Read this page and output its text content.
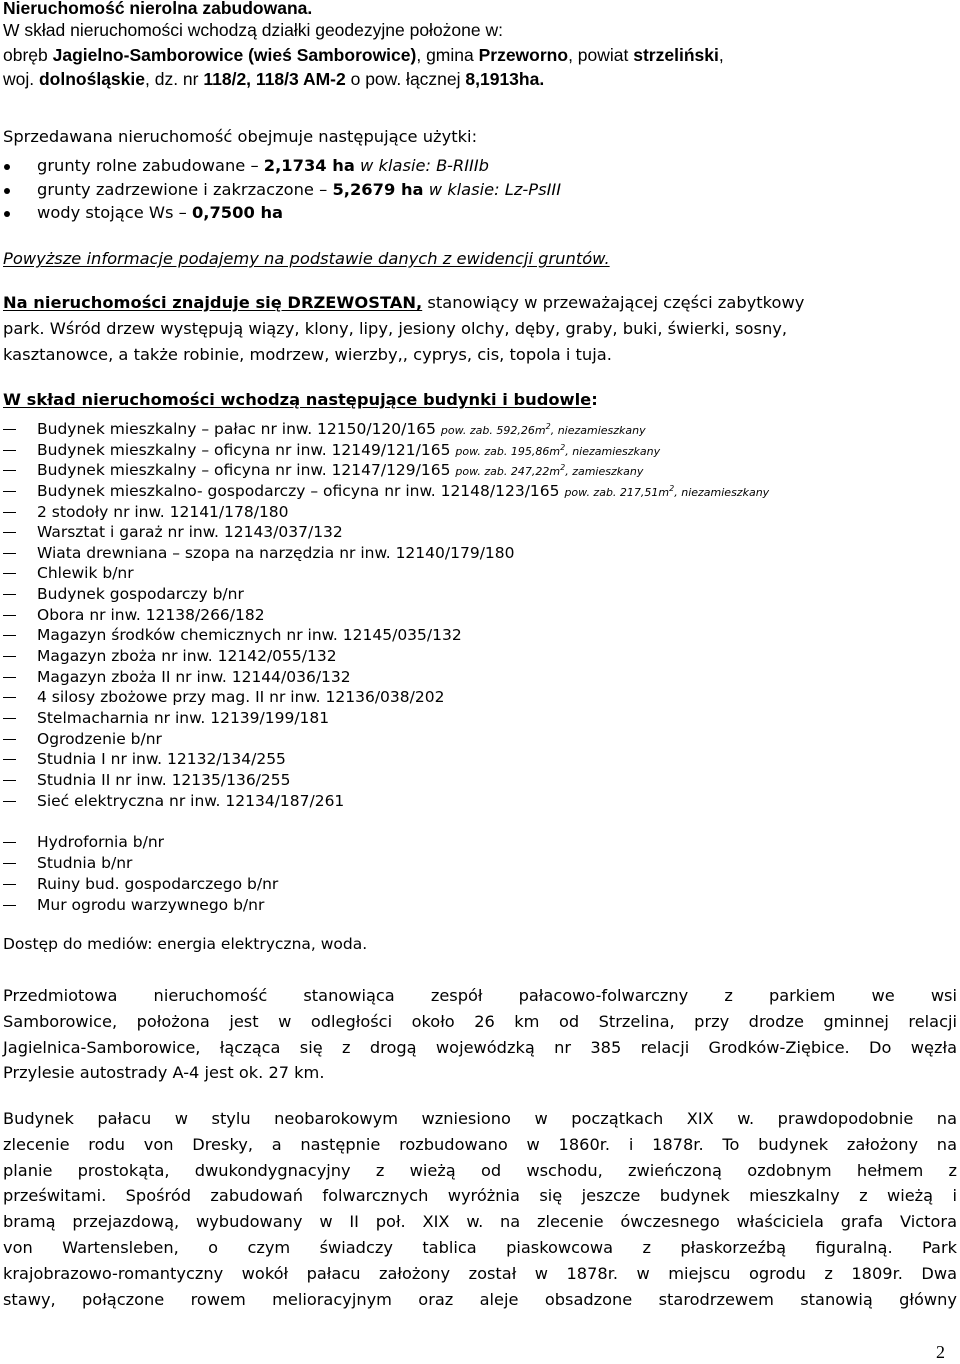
Nieruchomość nierolna zabudowana.
W skład nieruchomości wchodzą działki geodezyjne położone w:
obręb Jagielno-Samborowice (wieś Samborowice), gmina Przeworno, powiat strzeliński,
woj. dolnośląskie, dz. nr 118/2, 118/3 AM-2 o pow. łącznej 8,1913ha.
Sprzedawana nieruchomość obejmuje następujące użytki:
grunty rolne zabudowane – 2,1734 ha w klasie: B-RIIIb
grunty zadrzewione i zakrzaczone – 5,2679 ha w klasie: Lz-PsIII
wody stojące Ws – 0,7500 ha
Powyższe informacje podajemy na podstawie danych z ewidencji gruntów.
Na nieruchomości znajduje się DRZEWOSTAN, stanowiący w przeważającej części zabytkowy
park. Wśród drzew występują wiązy, klony, lipy, jesiony olchy, dęby, graby, buki, świerki, sosny,
kasztanowce, a także robinie, modrzew, wierzby,, cyprys, cis, topola i tuja.
W skład nieruchomości wchodzą następujące budynki i budowle:
Budynek mieszkalny – pałac nr inw. 12150/120/165 pow. zab. $592,26m^2$, niezamieszkany
Budynek mieszkalny – oficyna nr inw. 12149/121/165 pow. zab. $195,86m^2$, niezamieszkany
Budynek mieszkalny – oficyna nr inw. 12147/129/165 pow. zab. $247,22m^2$, zamieszkany
Budynek mieszkalno- gospodarczy – oficyna nr inw. 12148/123/165 pow. zab. $217,51m^2$, niezamieszkany
2 stodoły nr inw. 12141/178/180
Warsztat i garaż nr inw. 12143/037/132
Wiata drewniana – szopa na narzędzia nr inw. 12140/179/180
Chlewik b/nr
Budynek gospodarczy b/nr
Obora nr inw. 12138/266/182
Magazyn środków chemicznych nr inw. 12145/035/132
Magazyn zboża nr inw. 12142/055/132
Magazyn zboża II nr inw. 12144/036/132
4 silosy zbożowe przy mag. II nr inw. 12136/038/202
Stelmacharnia nr inw. 12139/199/181
Ogrodzenie b/nr
Studnia I nr inw. 12132/134/255
Studnia II nr inw. 12135/136/255
Sieć elektryczna nr inw. 12134/187/261
Hydrofornia b/nr
Studnia b/nr
Ruiny bud. gospodarczego b/nr
Mur ogrodu warzywnego b/nr
Dostęp do mediów: energia elektryczna, woda.
Przedmiotowa nieruchomość stanowiąca zespół pałacowo-folwarczny z parkiem we wsi
Samborowice, położona jest w odległości około 26 km od Strzelina, przy drodze gminnej relacji
Jagielnica-Samborowice, łącząca się z drogą wojewódzką nr 385 relacji Grodków-Ziębice. Do węzła
Przylesie autostrady A-4 jest ok. 27 km.
Budynek pałacu w stylu neobarokowym wzniesiono w początkach XIX w. prawdopodobnie na
zlecenie rodu von Dresky, a następnie rozbudowano w 1860r. i 1878r. To budynek założony na
planie prostokąta, dwukondygnacyjny z wieżą od wschodu, zwieńczoną ozdobnym hełmem z
prześwitami. Spośród zabudowań folwarcznych wyróżnia się jeszcze budynek mieszkalny z wieżą i
bramą przejazdową, wybudowany w II poł. XIX w. na zlecenie ówczesnego właściciela grafa Victora
von Wartensleben, o czym świadczy tablica piaskowcowa z płaskorzeźbą figuralną. Park
krajobrazowo-romantyczny wokół pałacu założony został w 1878r. w miejscu ogrodu z 1809r. Dwa
stawy, połączone rowem melioracyjnym oraz aleje obsadzone starodrzewem stanowią główny
2
